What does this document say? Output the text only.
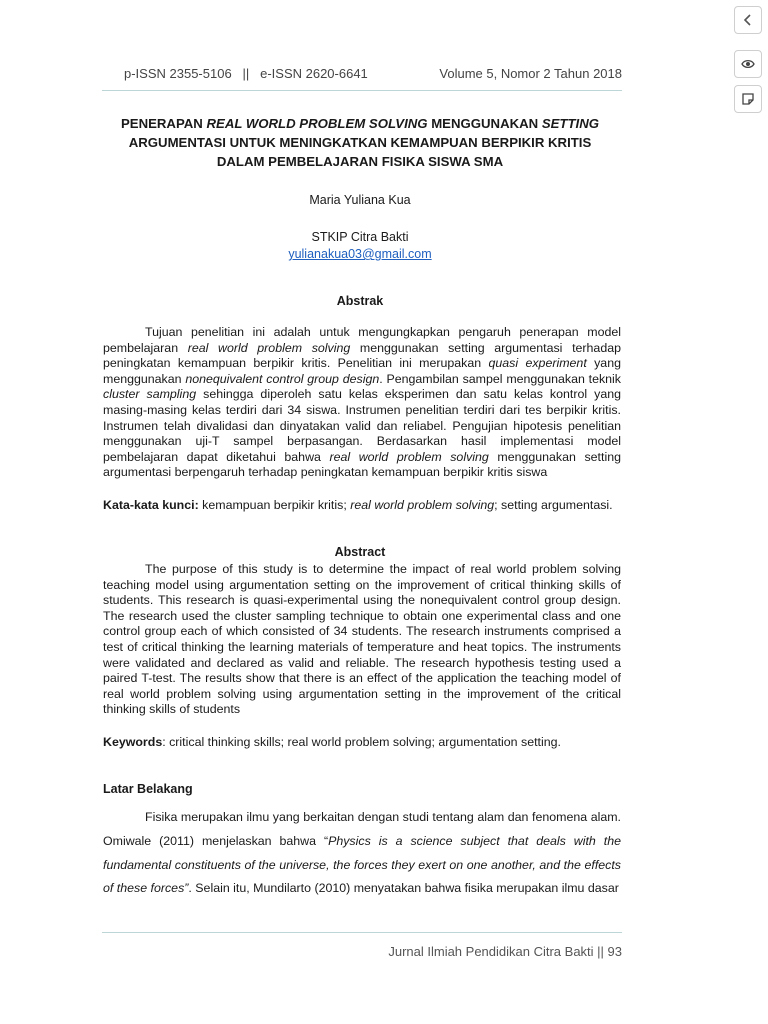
p-ISSN 2355-5106   ||   e-ISSN 2620-6641	Volume 5, Nomor 2 Tahun 2018
PENERAPAN REAL WORLD PROBLEM SOLVING MENGGUNAKAN SETTING
ARGUMENTASI UNTUK MENINGKATKAN KEMAMPUAN BERPIKIR KRITIS
DALAM PEMBELAJARAN FISIKA SISWA SMA
Maria Yuliana Kua
STKIP Citra Bakti
yulianakua03@gmail.com
Abstrak

Tujuan penelitian ini adalah untuk mengungkapkan pengaruh penerapan model pembelajaran real world problem solving menggunakan setting argumentasi terhadap peningkatan kemampuan berpikir kritis. Penelitian ini merupakan quasi experiment yang menggunakan nonequivalent control group design. Pengambilan sampel menggunakan teknik cluster sampling sehingga diperoleh satu kelas eksperimen dan satu kelas kontrol yang masing-masing kelas terdiri dari 34 siswa. Instrumen penelitian terdiri dari tes berpikir kritis. Instrumen telah divalidasi dan dinyatakan valid dan reliabel. Pengujian hipotesis penelitian menggunakan uji-T sampel berpasangan. Berdasarkan hasil implementasi model pembelajaran dapat diketahui bahwa real world problem solving menggunakan setting argumentasi berpengaruh terhadap peningkatan kemampuan berpikir kritis siswa

Kata-kata kunci: kemampuan berpikir kritis; real world problem solving; setting argumentasi.
Abstract

The purpose of this study is to determine the impact of real world problem solving teaching model using argumentation setting on the improvement of critical thinking skills of students. This research is quasi-experimental using the nonequivalent control group design. The research used the cluster sampling technique to obtain one experimental class and one control group each of which consisted of 34 students. The research instruments comprised a test of critical thinking the learning materials of temperature and heat topics. The instruments were validated and declared as valid and reliable. The research hypothesis testing used a paired T-test. The results show that there is an effect of the application the teaching model of real world problem solving using argumentation setting in the improvement of the critical thinking skills of students

Keywords: critical thinking skills; real world problem solving; argumentation setting.
Latar Belakang

Fisika merupakan ilmu yang berkaitan dengan studi tentang alam dan fenomena alam. Omiwale (2011) menjelaskan bahwa “Physics is a science subject that deals with the fundamental constituents of the universe, the forces they exert on one another, and the effects of these forces”. Selain itu, Mundilarto (2010) menyatakan bahwa fisika merupakan ilmu dasar

Jurnal Ilmiah Pendidikan Citra Bakti || 93
